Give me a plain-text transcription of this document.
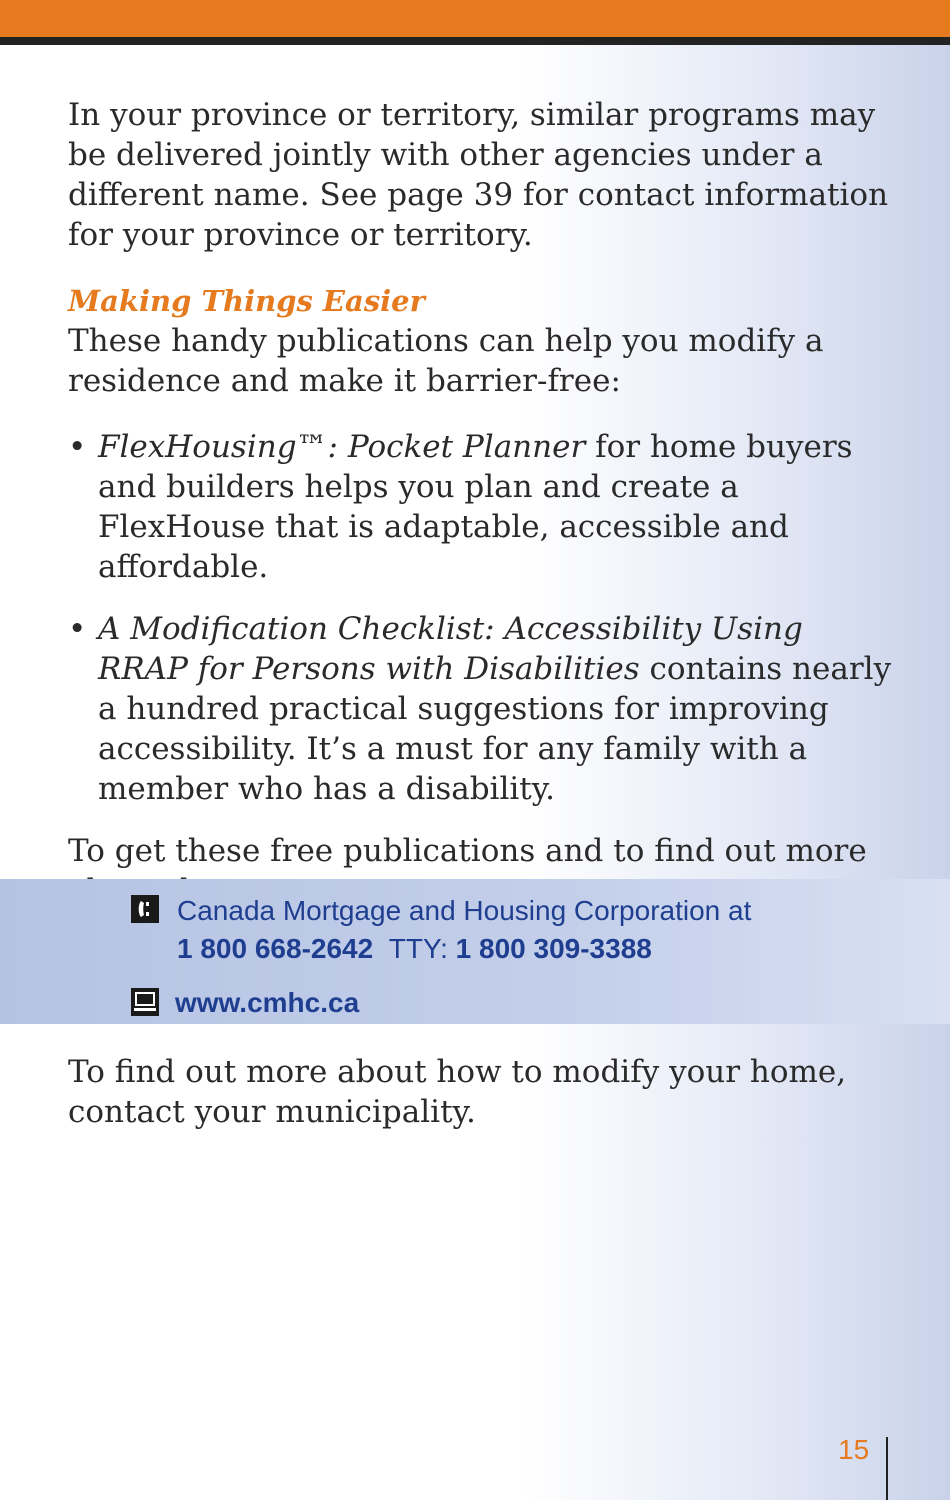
In your province or territory, similar programs may be delivered jointly with other agencies under a different name. See page 39 for contact information for your province or territory.

Making Things Easier

These handy publications can help you modify a residence and make it barrier-free:

• FlexHousing™: Pocket Planner for home buyers and builders helps you plan and create a FlexHouse that is adaptable, accessible and affordable.
• A Modification Checklist: Accessibility Using RRAP for Persons with Disabilities contains nearly a hundred practical suggestions for improving accessibility. It’s a must for any family with a member who has a disability.

To get these free publications and to find out more

Canada Mortgage and Housing Corporation at
1 800 668-2642 TTY: 1 800 309-3388
www.cmhc.ca

To find out more about how to modify your home, contact your municipality.

15
